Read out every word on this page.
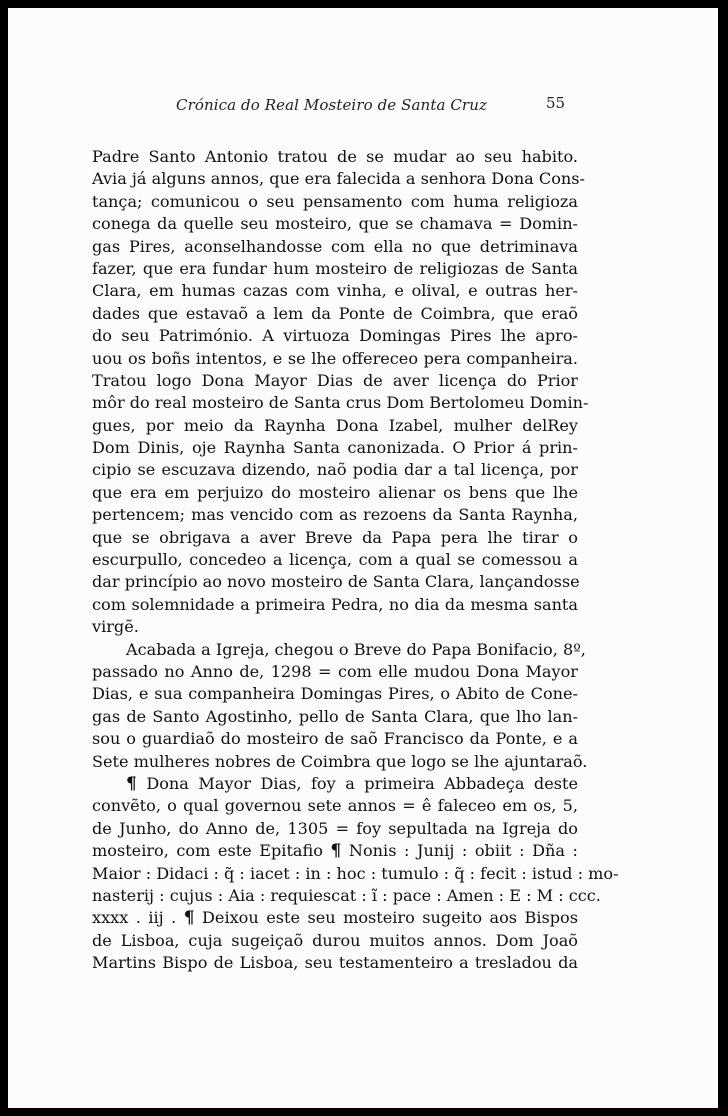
Crónica do Real Mosteiro de Santa Cruz	55
Padre Santo Antonio tratou de se mudar ao seu habito.
Avia já alguns annos, que era falecida a senhora Dona Cons-
tança; comunicou o seu pensamento com huma religioza
conega da quelle seu mosteiro, que se chamava = Domin-
gas Pires, aconselhandosse com ella no que detriminava
fazer, que era fundar hum mosteiro de religiozas de Santa
Clara, em humas cazas com vinha, e olival, e outras her-
dades que estavaõ a lem da Ponte de Coimbra, que eraõ
do seu Património. A virtuoza Domingas Pires lhe apro-
uou os boñs intentos, e se lhe offereceo pera companheira.
Tratou logo Dona Mayor Dias de aver licença do Prior
môr do real mosteiro de Santa crus Dom Bertolomeu Domin-
gues, por meio da Raynha Dona Izabel, mulher delRey
Dom Dinis, oje Raynha Santa canonizada. O Prior á prin-
cipio se escuzava dizendo, naõ podia dar a tal licença, por
que era em perjuizo do mosteiro alienar os bens que lhe
pertencem; mas vencido com as rezoens da Santa Raynha,
que se obrigava a aver Breve da Papa pera lhe tirar o
escurpullo, concedeo a licença, com a qual se comessou a
dar princípio ao novo mosteiro de Santa Clara, lançandosse
com solemnidade a primeira Pedra, no dia da mesma santa
virgẽ.
Acabada a Igreja, chegou o Breve do Papa Bonifacio, 8º,
passado no Anno de, 1298 = com elle mudou Dona Mayor
Dias, e sua companheira Domingas Pires, o Abito de Cone-
gas de Santo Agostinho, pello de Santa Clara, que lho lan-
sou o guardiaõ do mosteiro de saõ Francisco da Ponte, e a
Sete mulheres nobres de Coimbra que logo se lhe ajuntaraõ.
¶ Dona Mayor Dias, foy a primeira Abbadeça deste
convẽto, o qual governou sete annos = ê faleceo em os, 5,
de Junho, do Anno de, 1305 = foy sepultada na Igreja do
mosteiro, com este Epitafio ¶ Nonis : Junij : obiit : Dña :
Maior : Didaci : q̃ : iacet : in : hoc : tumulo : q̃ : fecit : istud : mo-
nasterij : cujus : Aia : requiescat : ĩ : pace : Amen : E : M : ccc.
xxxx . iij . ¶ Deixou este seu mosteiro sugeito aos Bispos
de Lisboa, cuja sugeiçaõ durou muitos annos. Dom Joaõ
Martins Bispo de Lisboa, seu testamenteiro a tresladou da
